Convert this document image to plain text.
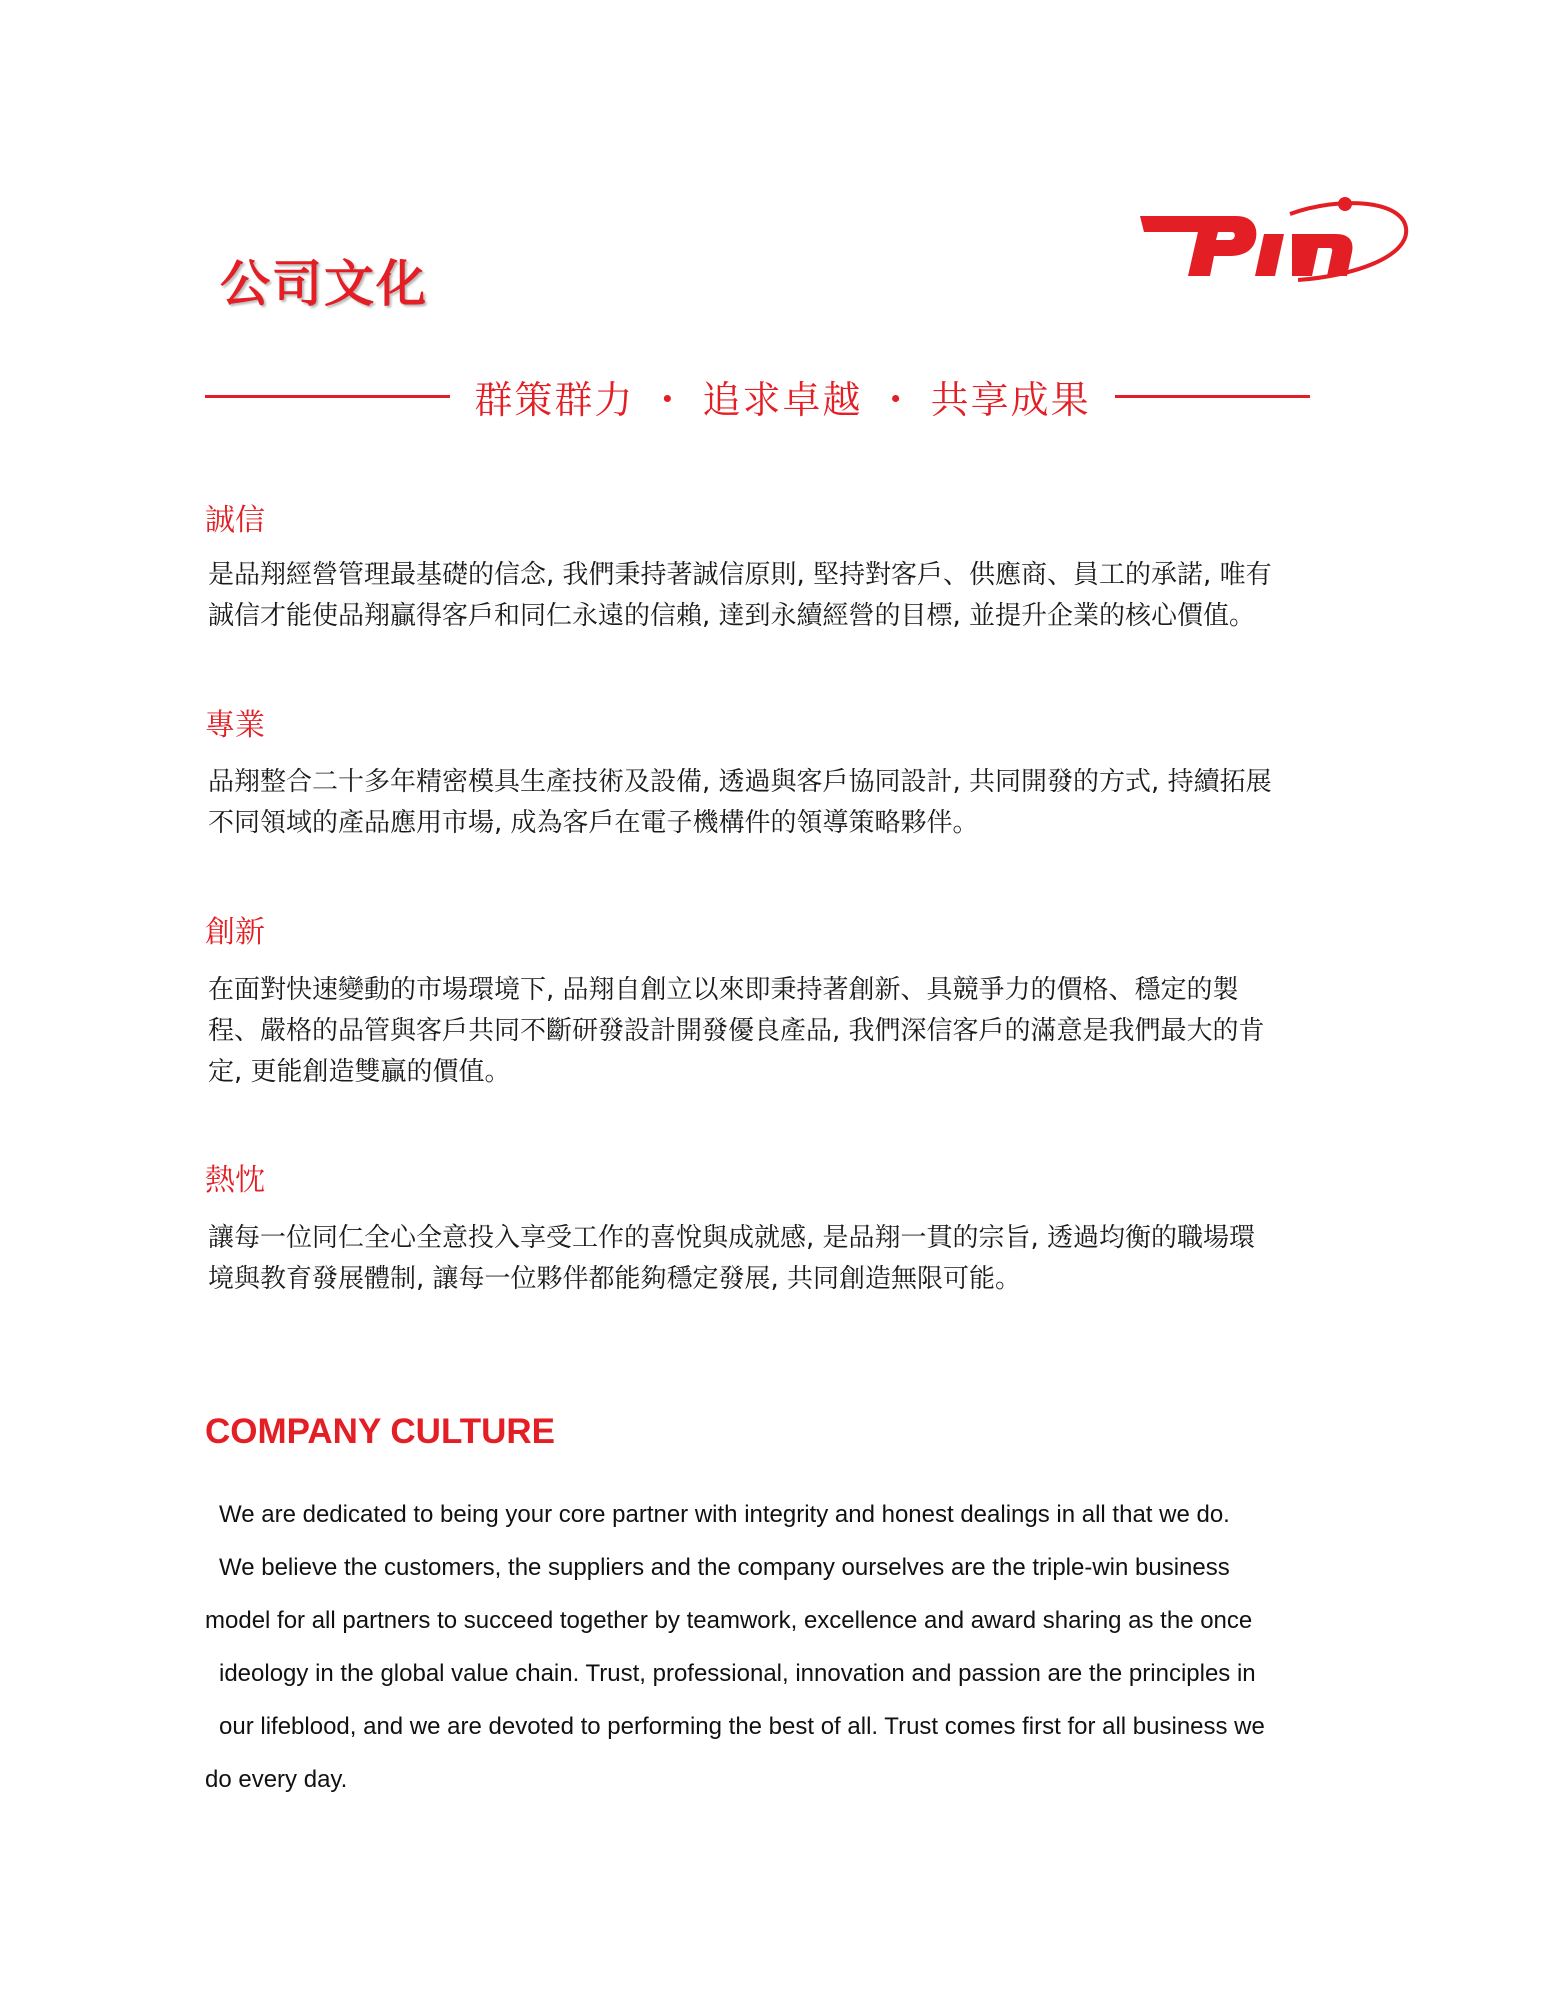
公司文化
群策群力 ・ 追求卓越 ・ 共享成果
誠信
是品翔經營管理最基礎的信念, 我們秉持著誠信原則, 堅持對客戶、供應商、員工的承諾, 唯有
誠信才能使品翔贏得客戶和同仁永遠的信賴, 達到永續經營的目標, 並提升企業的核心價值。
專業
品翔整合二十多年精密模具生產技術及設備, 透過與客戶協同設計, 共同開發的方式, 持續拓展
不同領域的產品應用市場, 成為客戶在電子機構件的領導策略夥伴。
創新
在面對快速變動的市場環境下, 品翔自創立以來即秉持著創新、具競爭力的價格、穩定的製
程、嚴格的品管與客戶共同不斷研發設計開發優良產品, 我們深信客戶的滿意是我們最大的肯
定, 更能創造雙贏的價值。
熱忱
讓每一位同仁全心全意投入享受工作的喜悅與成就感, 是品翔一貫的宗旨, 透過均衡的職場環
境與教育發展體制, 讓每一位夥伴都能夠穩定發展, 共同創造無限可能。
COMPANY CULTURE
We are dedicated to being your core partner with integrity and honest dealings in all that we do.
We believe the customers, the suppliers and the company ourselves are the triple-win business
model for all partners to succeed together by teamwork, excellence and award sharing as the once
ideology in the global value chain. Trust, professional, innovation and passion are the principles in
our lifeblood, and we are devoted to performing the best of all. Trust comes first for all business we
do every day.
